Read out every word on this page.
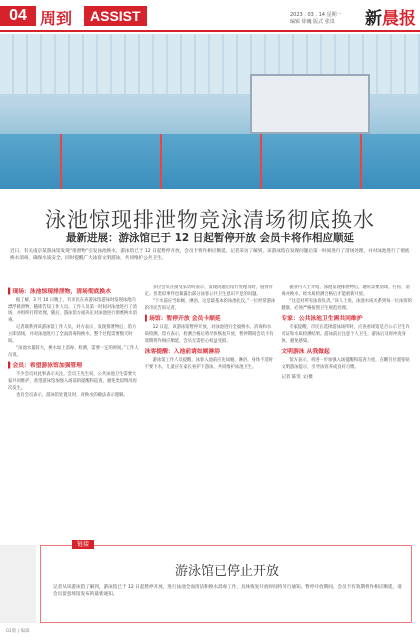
04 周到	ASSIST	2023 . 03 . 14 星期一
编辑 徐巍 版式 张岚	新晨报
泳池惊现排泄物竞泳清场彻底换水
最新进展：游泳馆已于 12 日起暂停开放 会员卡将作相应顺延
近日，有关南京某游泳馆发现“排泄物”引发泳池换水，游泳馆已于 12 日起暂停开放，会员卡将作相应顺延。记者采访了解到，该游泳馆在发现问题后第一时间进行了清场处理，并对泳池进行了彻底换水消毒，确保水质安全，同时提醒广大泳客文明游泳，共同维护公共卫生。
▌现场：泳池惊现排泄物，清场彻底换水
据了解，3 月 10 日晚上，有市民在该游泳馆游泳时发现泳池内漂浮排泄物，随即告知工作人员。工作人员第一时间对泳池进行了清场，并组织打捞处理。随后，游泳馆方面决定对泳池进行彻底换水消毒。
记者联系到该游泳馆工作人员，对方表示，发现排泄物后，馆方立即清场，并对泳池进行了全面消毒和换水，整个过程需要数天时间。
“泳池水量较大，换水加上消毒、检测，需要一定的时间。”工作人员说。
▌会员：希望游泳馆加强管理
不少会员对此事表示关注。会员王先生说，公共泳池卫生需要大家共同维护，希望游泳馆加强入场前的提醒和巡查，避免类似情况再次发生。
也有会员表示，游泳馆处置及时，对换水的做法表示理解。
多位会员在接受采访时表示，发现问题后馆方处理及时，值得肯定。但类似事件也暴露出部分泳客公共卫生意识不足的问题。
“下水前应当如厕、淋浴，这是最基本的泳池礼仪。”一位经常游泳的市民告诉记者。
▌场馆：暂停开放 会员卡顺延
12 日起，该游泳馆暂停开放，对泳池进行全面换水、消毒和水质检测。馆方表示，检测合格后将尽快恢复开放，暂停期间会员卡有效期将作相应顺延，会员无需担心权益受损。
泳客提醒：入池前请如厕淋浴
游泳馆工作人员提醒，泳客入池前应先如厕、淋浴，身体不适时不要下水，儿童应在家长看护下游泳，共同维护泳池卫生。
据业内人士介绍，泳池发现排泄物后，通常需要清场、打捞、消毒并换水，经水质检测合格后才能重新开放。
“这是对所有泳客负责。”该人士说，泳池水质关系到每一位泳客的健康，必须严格按照卫生规范处理。
专家：公共泳池卫生需共同维护
专家提醒，市民在选择游泳场所时，应查看场馆是否公示卫生许可证和水质检测结果。游泳前后注意个人卫生，游泳后及时冲洗身体，避免感染。
文明游泳 从我做起
馆方表示，将进一步加强入场提醒和巡查力度，在醒目位置张贴文明游泳提示，引导泳客养成良好习惯。
记者 陈雯 文/摄
游泳馆已停止开放
记者从该游泳馆了解到，游泳馆已于 12 日起暂停开放，进行泳池全面清洁和换水消毒工作，具体恢复开放时间将另行通知。暂停开放期间，会员卡有效期将作相应顺延，请会员留意场馆发布的最新通知。
链接
02版 | 编辑
